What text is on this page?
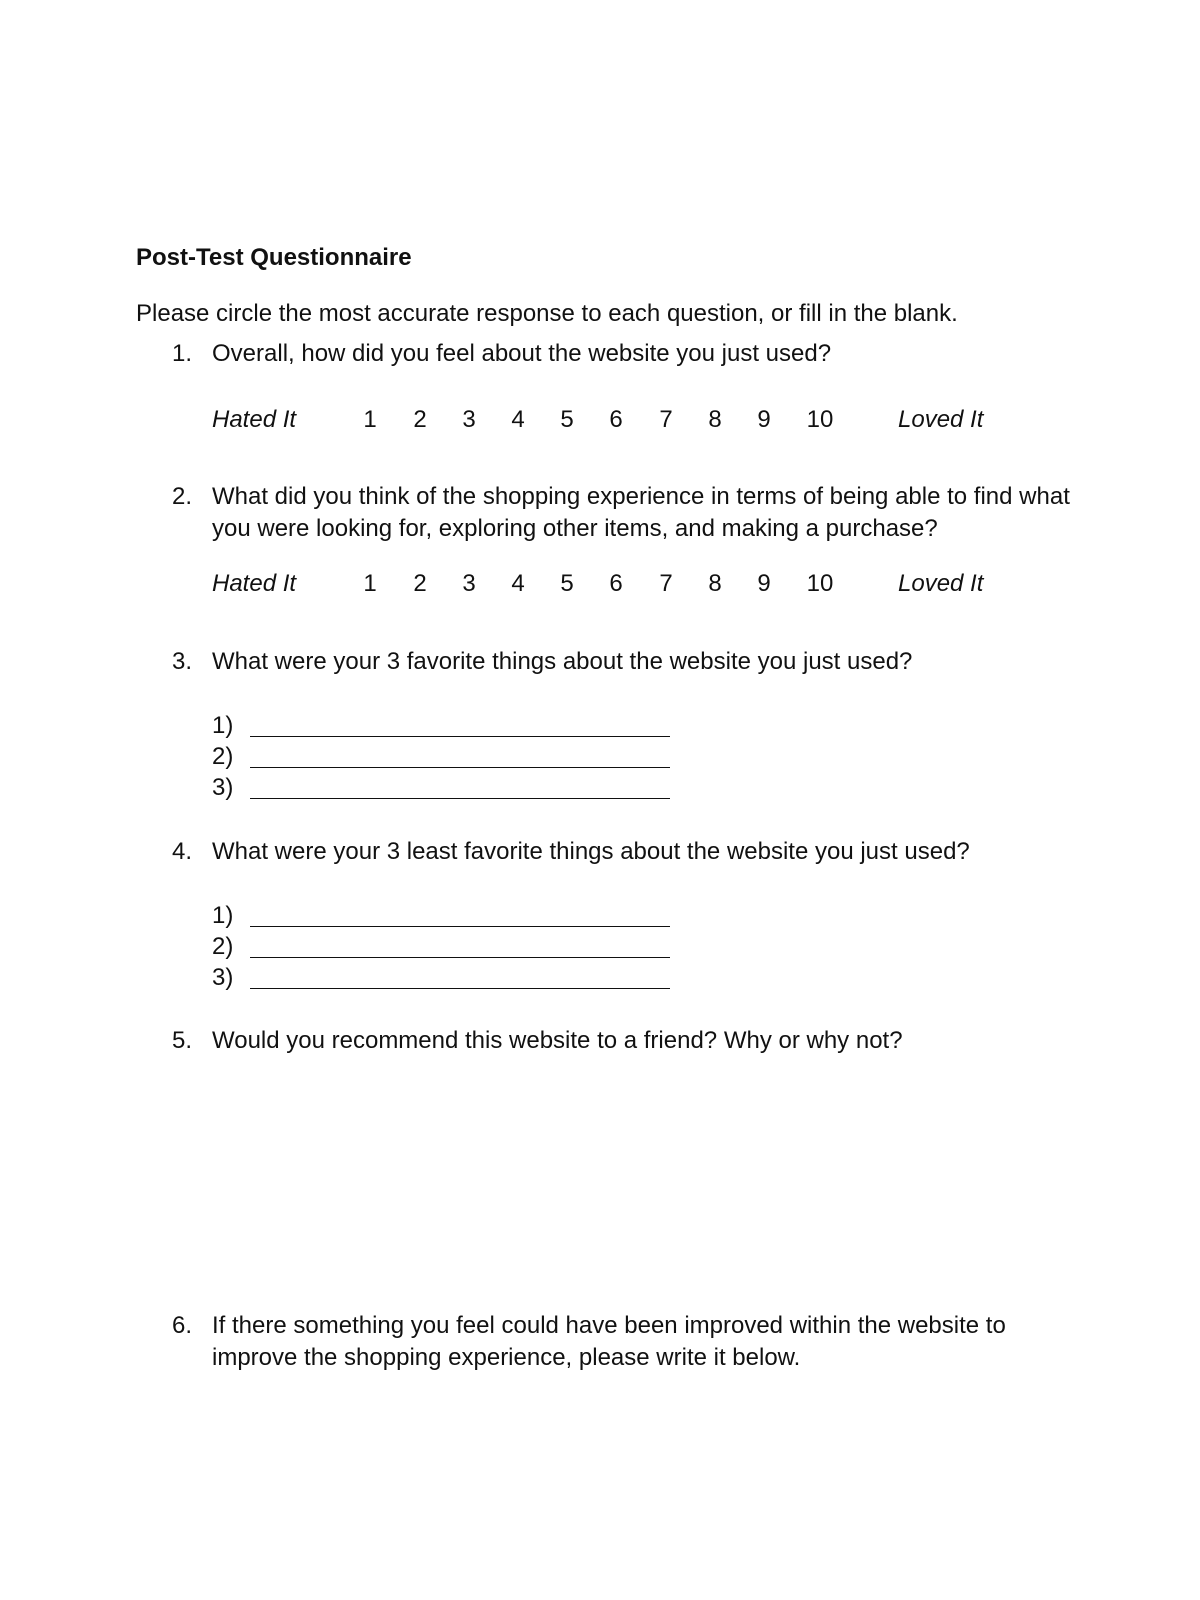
Post-Test Questionnaire
Please circle the most accurate response to each question, or fill in the blank.
1. Overall, how did you feel about the website you just used?
Hated It	1	2	3	4	5	6	7	8	9	10	Loved It
2. What did you think of the shopping experience in terms of being able to find what you were looking for, exploring other items, and making a purchase?
Hated It	1	2	3	4	5	6	7	8	9	10	Loved It
3. What were your 3 favorite things about the website you just used?
1)
2)
3)
4. What were your 3 least favorite things about the website you just used?
1)
2)
3)
5. Would you recommend this website to a friend? Why or why not?
6. If there something you feel could have been improved within the website to improve the shopping experience, please write it below.
